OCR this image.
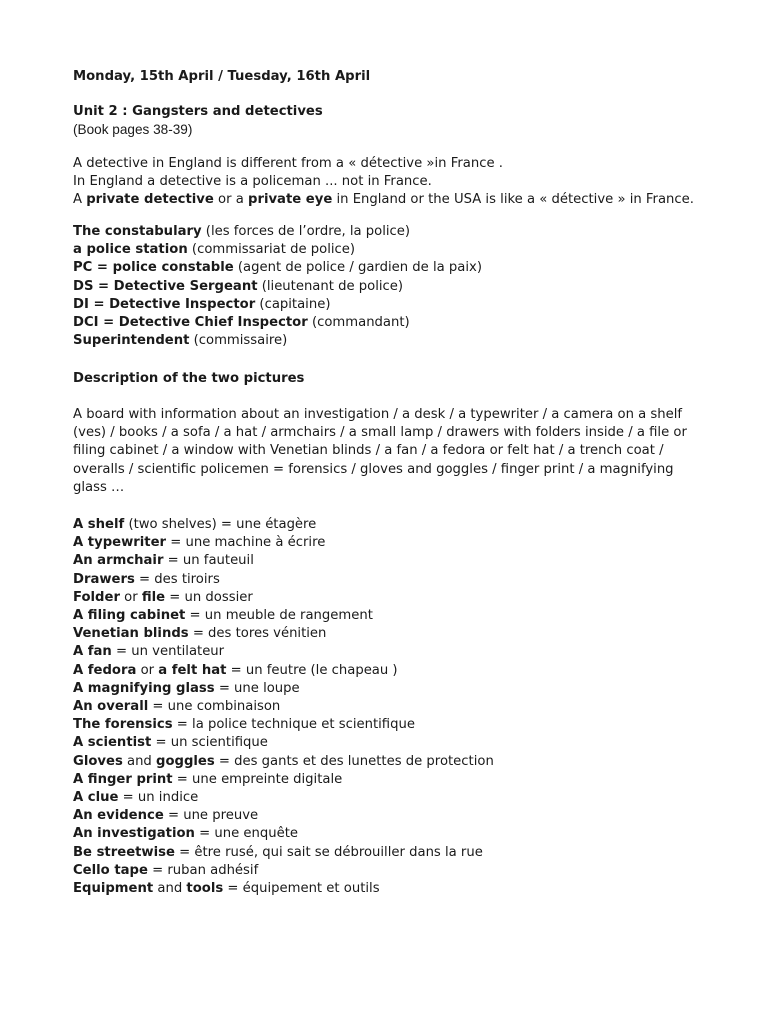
Monday, 15th April / Tuesday, 16th April
Unit 2 : Gangsters and detectives
(Book pages 38-39)
A detective in England is different from a « détective »in France .
In England a detective is a policeman ... not in France.
A private detective or a private eye in England or the USA is like a « détective » in France.
The constabulary (les forces de l’ordre, la police)
a police station (commissariat de police)
PC = police constable (agent de police / gardien de la paix)
DS = Detective Sergeant (lieutenant de police)
DI = Detective Inspector (capitaine)
DCI = Detective Chief Inspector (commandant)
Superintendent (commissaire)
Description of the two pictures
A board with information about an investigation / a desk / a typewriter / a camera on a shelf (ves) / books / a sofa / a hat / armchairs / a small lamp / drawers with folders inside / a file or filing cabinet / a window with Venetian blinds / a fan / a fedora or felt hat / a trench coat / overalls / scientific policemen = forensics / gloves and goggles / finger print / a magnifying glass …
A shelf (two shelves) = une étagère
A typewriter = une machine à écrire
An armchair = un fauteuil
Drawers = des tiroirs
Folder or file = un dossier
A filing cabinet = un meuble de rangement
Venetian blinds = des tores vénitien
A fan = un ventilateur
A fedora or a felt hat = un feutre (le chapeau )
A magnifying glass = une loupe
An overall = une combinaison
The forensics = la police technique et scientifique
A scientist = un scientifique
Gloves and goggles = des gants et des lunettes de protection
A finger print = une empreinte digitale
A clue = un indice
An evidence = une preuve
An investigation = une enquête
Be streetwise = être rusé, qui sait se débrouiller dans la rue
Cello tape = ruban adhésif
Equipment and tools = équipement et outils
